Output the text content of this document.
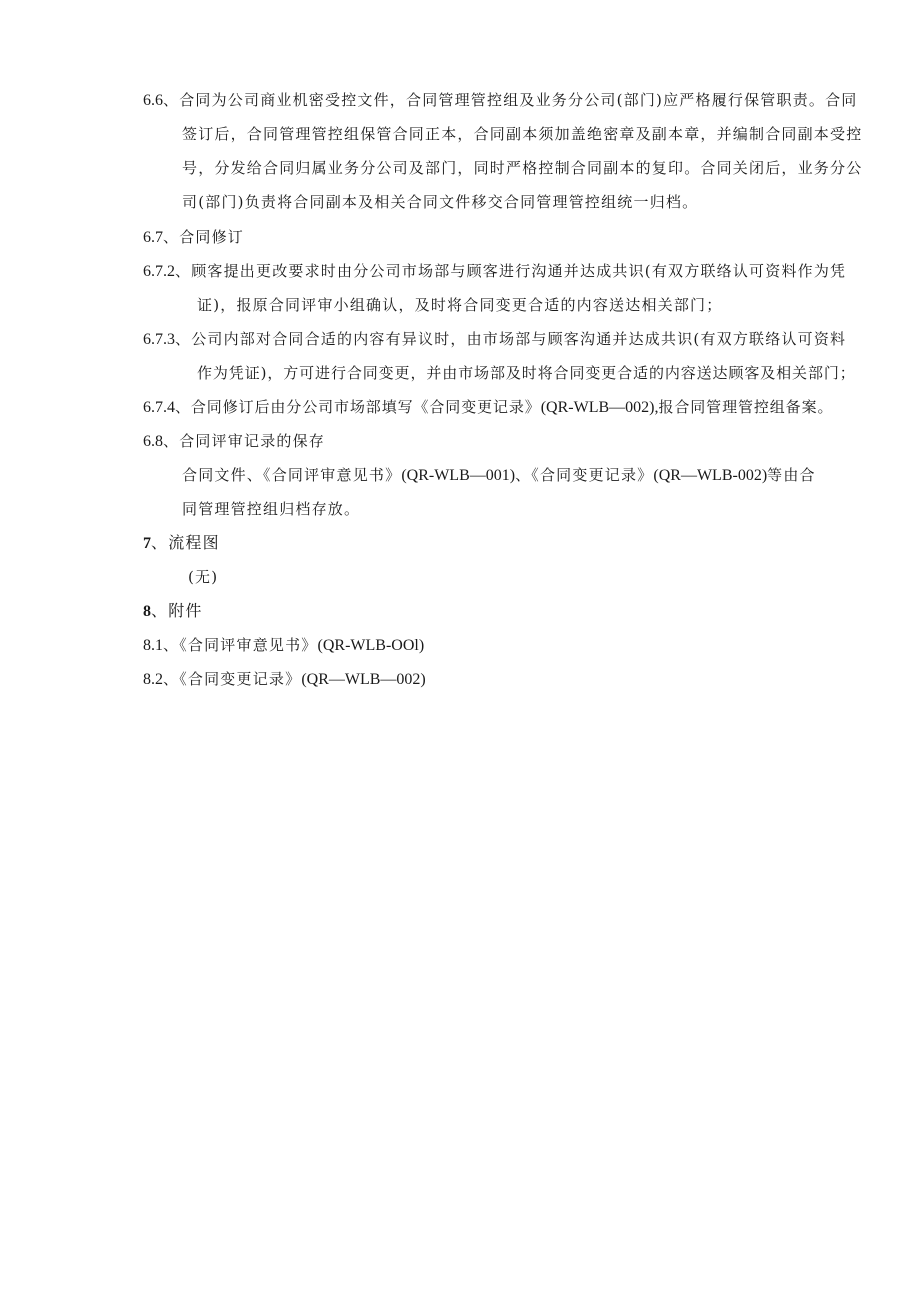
6.6、合同为公司商业机密受控文件，合同管理管控组及业务分公司(部门)应严格履行保管职责。合同
签订后，合同管理管控组保管合同正本，合同副本须加盖绝密章及副本章，并编制合同副本受控
号，分发给合同归属业务分公司及部门，同时严格控制合同副本的复印。合同关闭后，业务分公
司(部门)负责将合同副本及相关合同文件移交合同管理管控组统一归档。
6.7、合同修订
6.7.2、顾客提出更改要求时由分公司市场部与顾客进行沟通并达成共识(有双方联络认可资料作为凭
证)，报原合同评审小组确认，及时将合同变更合适的内容送达相关部门；
6.7.3、公司内部对合同合适的内容有异议时，由市场部与顾客沟通并达成共识(有双方联络认可资料
作为凭证)，方可进行合同变更，并由市场部及时将合同变更合适的内容送达顾客及相关部门；
6.7.4、合同修订后由分公司市场部填写《合同变更记录》(QR-WLB—002),报合同管理管控组备案。
6.8、合同评审记录的保存
合同文件、《合同评审意见书》(QR-WLB—001)、《合同变更记录》(QR—WLB-002)等由合
同管理管控组归档存放。
7、流程图
(无)
8、附件
8.1、《合同评审意见书》(QR-WLB-OOl)
8.2、《合同变更记录》(QR—WLB—002)
